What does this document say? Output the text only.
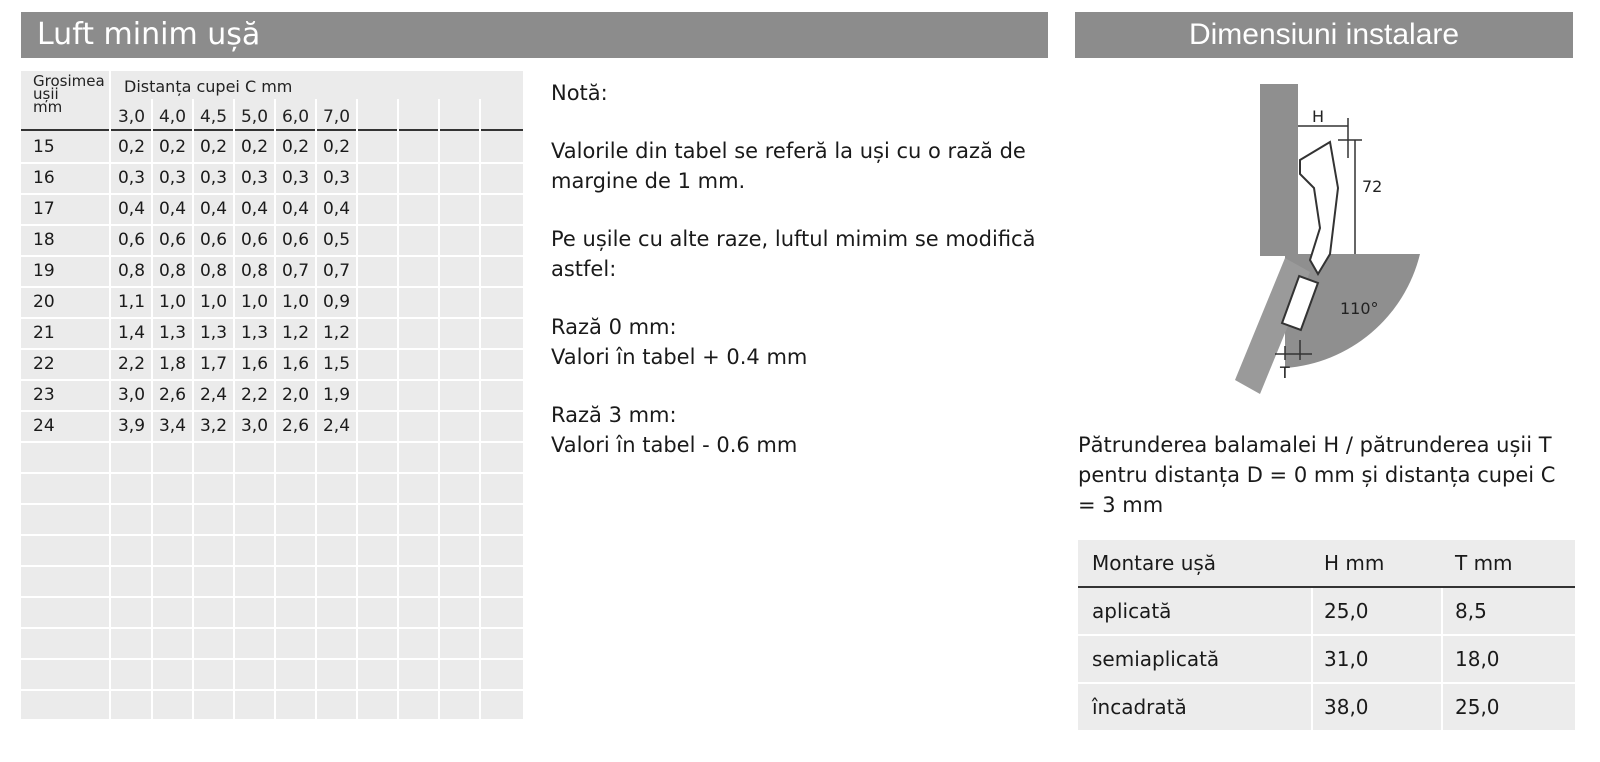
Luft minim ușă	Dimensiuni instalare
Grosimea
ușii
mm
Distanța cupei C mm
3,0 4,0 4,5 5,0 6,0 7,0
15	0,2 0,2 0,2 0,2 0,2 0,2
16	0,3 0,3 0,3 0,3 0,3 0,3
17	0,4 0,4 0,4 0,4 0,4 0,4
18	0,6 0,6 0,6 0,6 0,6 0,5
19	0,8 0,8 0,8 0,8 0,7 0,7
20	1,1 1,0 1,0 1,0 1,0 0,9
21	1,4 1,3 1,3 1,3 1,2 1,2
22	2,2 1,8 1,7 1,6 1,6 1,5
23	3,0 2,6 2,4 2,2 2,0 1,9
24	3,9 3,4 3,2 3,0 2,6 2,4

Notă:

Valorile din tabel se referă la uși cu o rază de margine de 1 mm.

Pe ușile cu alte raze, luftul mimim se modifică astfel:

Rază 0 mm:
Valori în tabel + 0.4 mm

Rază 3 mm:
Valori în tabel - 0.6 mm

H
72
110°
T
Pătrunderea balamalei H / pătrunderea ușii T pentru distanța D = 0 mm și distanța cupei C = 3 mm
Montare ușă	H mm	T mm
aplicată	25,0	8,5
semiaplicată	31,0	18,0
încadrată	38,0	25,0
